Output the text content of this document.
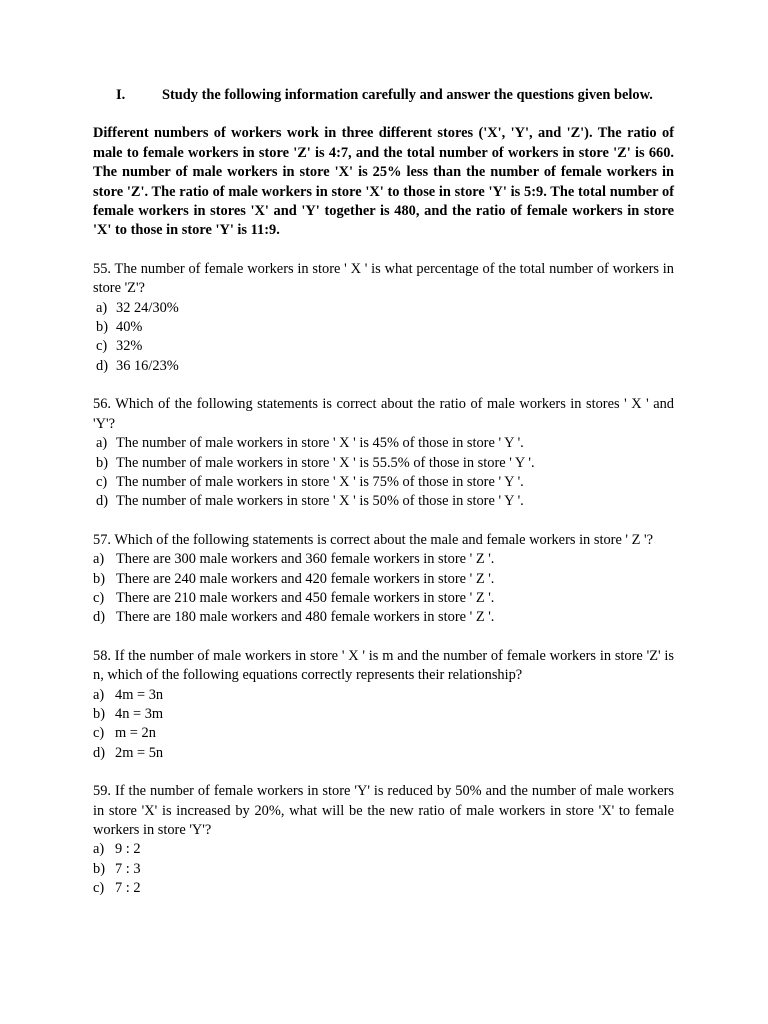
I.	Study the following information carefully and answer the questions given below.
Different numbers of workers work in three different stores ('X', 'Y', and 'Z'). The ratio of male to female workers in store 'Z' is 4:7, and the total number of workers in store 'Z' is 660. The number of male workers in store 'X' is 25% less than the number of female workers in store 'Z'. The ratio of male workers in store 'X' to those in store 'Y' is 5:9. The total number of female workers in stores 'X' and 'Y' together is 480, and the ratio of female workers in store 'X' to those in store 'Y' is 11:9.
55. The number of female workers in store ' X ' is what percentage of the total number of workers in store 'Z'?
a) 32 24/30%
b) 40%
c) 32%
d) 36 16/23%
56. Which of the following statements is correct about the ratio of male workers in stores ' X ' and 'Y'?
a) The number of male workers in store ' X ' is 45% of those in store ' Y '.
b) The number of male workers in store ' X ' is 55.5% of those in store ' Y '.
c) The number of male workers in store ' X ' is 75% of those in store ' Y '.
d) The number of male workers in store ' X ' is 50% of those in store ' Y '.
57. Which of the following statements is correct about the male and female workers in store ' Z '?
a) There are 300 male workers and 360 female workers in store ' Z '.
b) There are 240 male workers and 420 female workers in store ' Z '.
c) There are 210 male workers and 450 female workers in store ' Z '.
d) There are 180 male workers and 480 female workers in store ' Z '.
58. If the number of male workers in store ' X ' is m and the number of female workers in store 'Z' is n, which of the following equations correctly represents their relationship?
a) 4m = 3n
b) 4n = 3m
c) m = 2n
d) 2m = 5n
59. If the number of female workers in store 'Y' is reduced by 50% and the number of male workers in store 'X' is increased by 20%, what will be the new ratio of male workers in store 'X' to female workers in store 'Y'?
a) 9 : 2
b) 7 : 3
c) 7 : 2
